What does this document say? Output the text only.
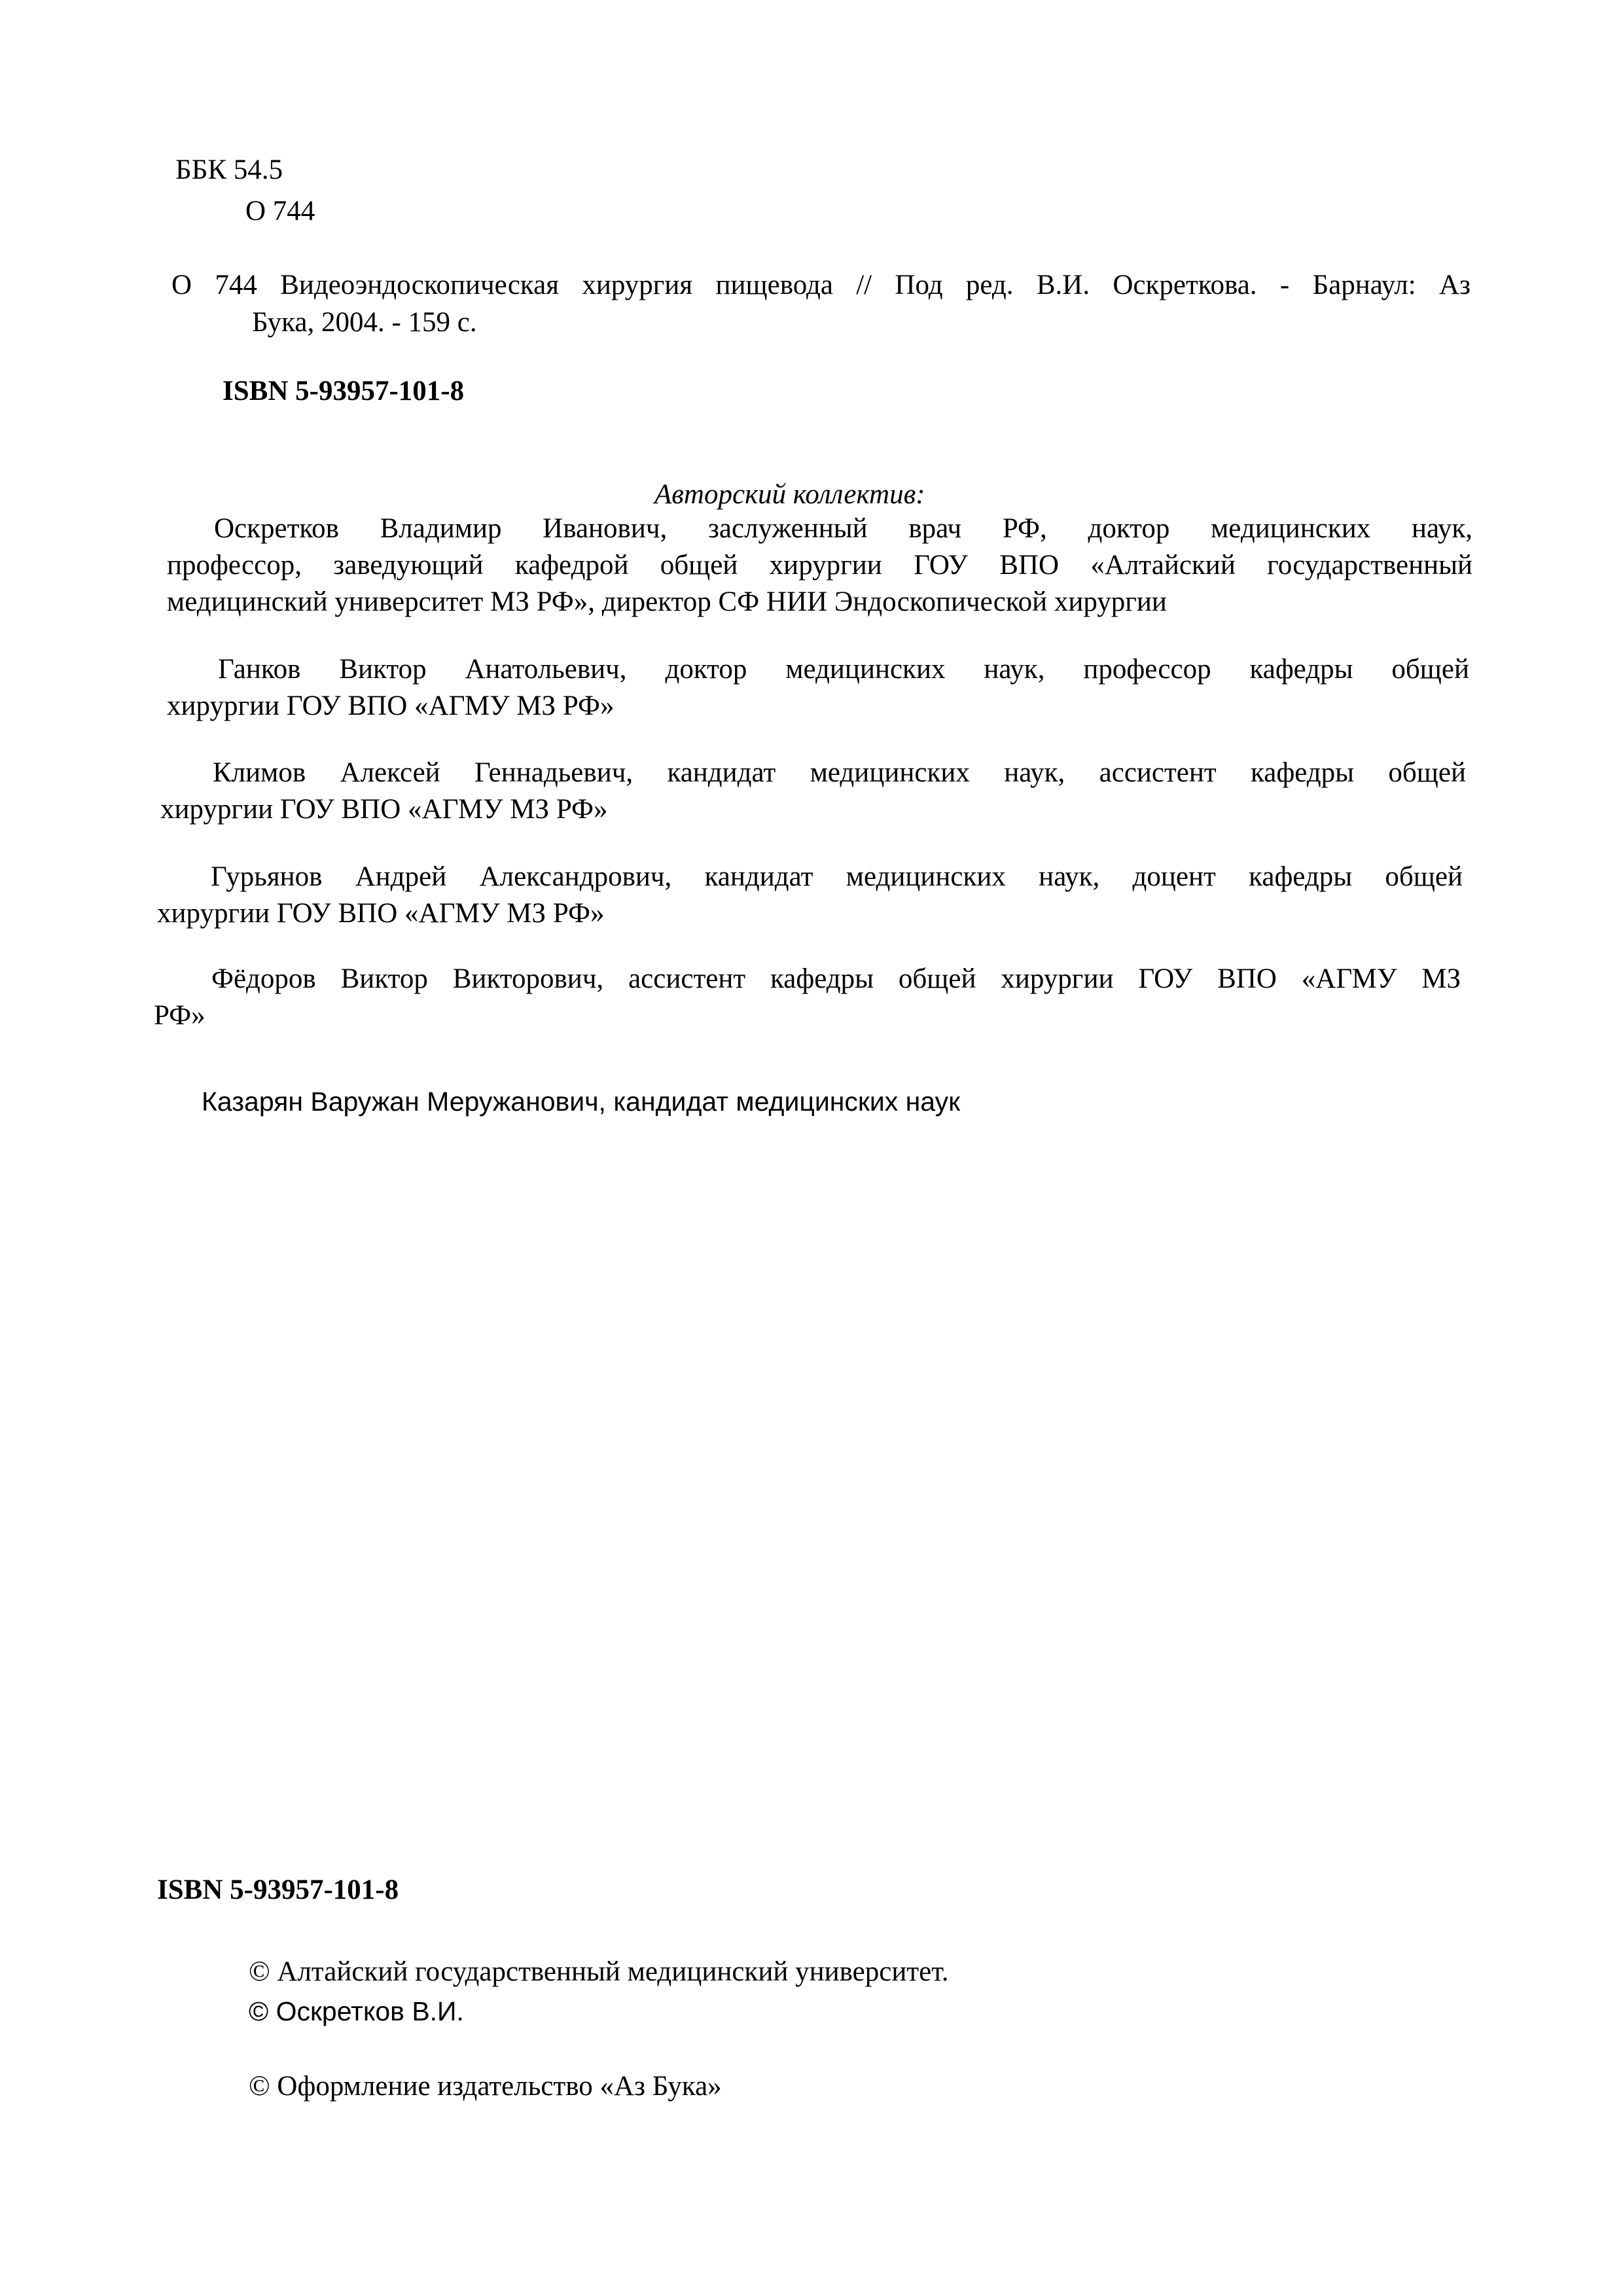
ББК 54.5

О 744

О 744 Видеоэндоскопическая хирургия пищевода // Под ред. В.И. Оскреткова. - Барнаул: Аз

Бука, 2004. - 159 с.

ISBN 5-93957-101-8

Авторский коллектив:

Оскретков Владимир Иванович, заслуженный врач РФ, доктор медицинских наук,
профессор, заведующий кафедрой общей хирургии ГОУ ВПО «Алтайский государственный
медицинский университет МЗ РФ», директор СФ НИИ Эндоскопической хирургии
Ганков Виктор Анатольевич, доктор медицинских наук, профессор кафедры общей
хирургии ГОУ ВПО «АГМУ МЗ РФ»
Климов Алексей Геннадьевич, кандидат медицинских наук, ассистент кафедры общей
хирургии ГОУ ВПО «АГМУ МЗ РФ»
Гурьянов Андрей Александрович, кандидат медицинских наук, доцент кафедры общей
хирургии ГОУ ВПО «АГМУ МЗ РФ»
Фёдоров Виктор Викторович, ассистент кафедры общей хирургии ГОУ ВПО «АГМУ МЗ
РФ»

Казарян Варужан Меружанович, кандидат медицинских наук

ISBN 5-93957-101-8

© Алтайский государственный медицинский университет.

© Оскретков В.И.

© Оформление издательство «Аз Бука»
